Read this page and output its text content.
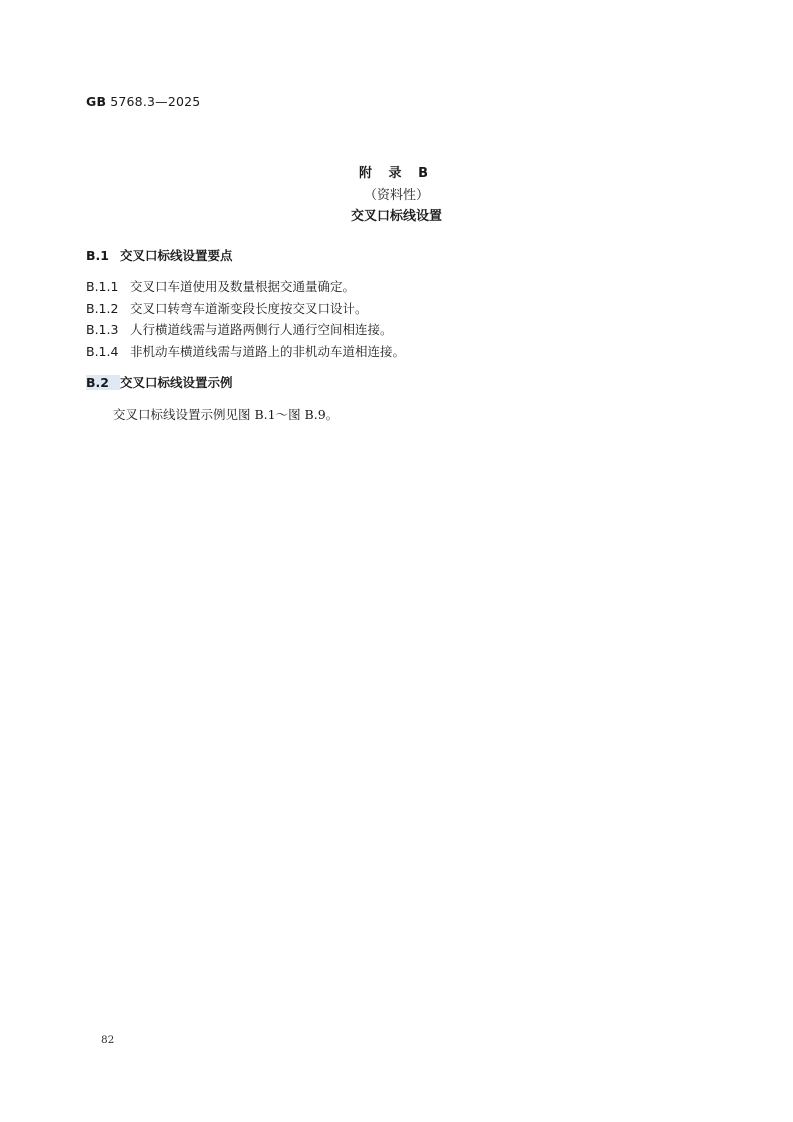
GB 5768.3—2025
附 录 B
（资料性）
交叉口标线设置
B.1 交叉口标线设置要点
B.1.1 交叉口车道使用及数量根据交通量确定。
B.1.2 交叉口转弯车道渐变段长度按交叉口设计。
B.1.3 人行横道线需与道路两侧行人通行空间相连接。
B.1.4 非机动车横道线需与道路上的非机动车道相连接。
B.2 交叉口标线设置示例
交叉口标线设置示例见图 B.1～图 B.9。
82
